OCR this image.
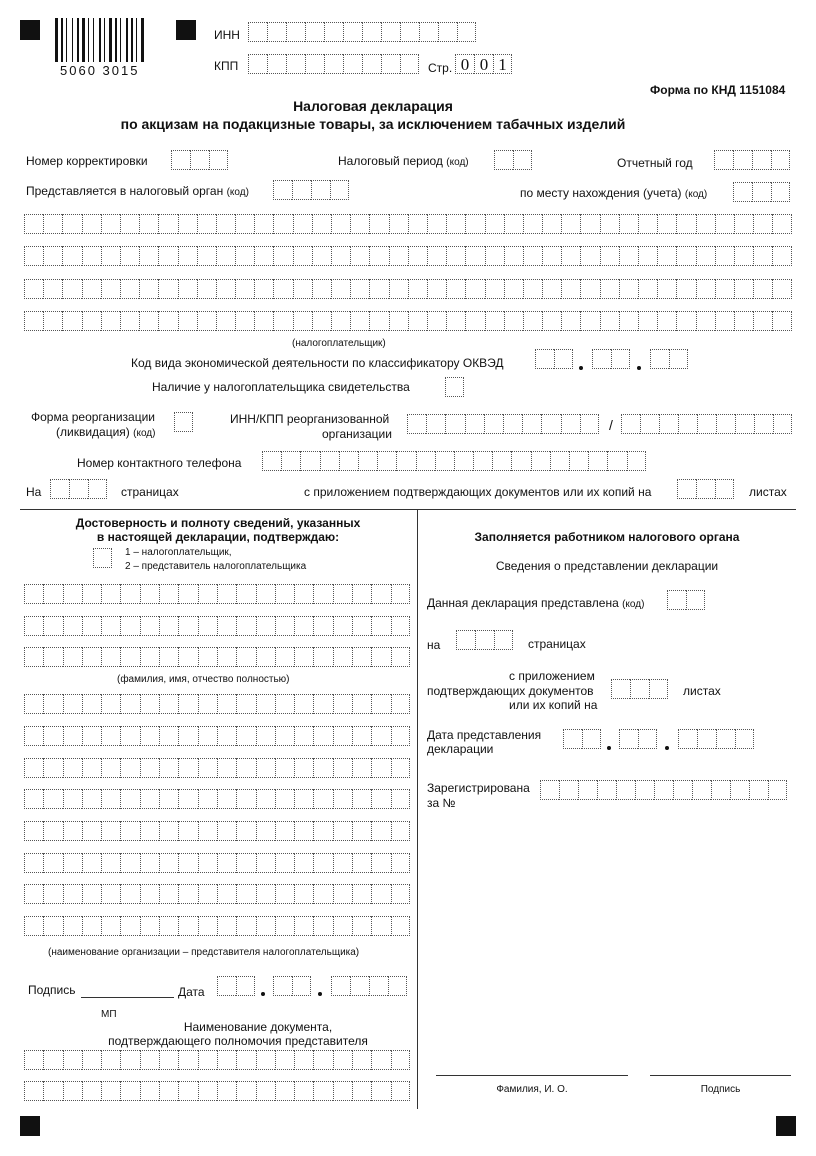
5060 3015
ИНН
КПП	Стр. 0 0 1
Форма по КНД 1151084
Налоговая декларация
по акцизам на подакцизные товары, за исключением табачных изделий
Номер корректировки	Налоговый период (код)	Отчетный год
Представляется в налоговый орган (код)	по месту нахождения (учета) (код)
(налогоплательщик)
Код вида экономической деятельности по классификатору ОКВЭД
Наличие у налогоплательщика свидетельства
Форма реорганизации
(ликвидация) (код)
ИНН/КПП реорганизованной
организации
/
Номер контактного телефона
На	страницах	с приложением подтверждающих документов или их копий на	листах
Достоверность и полноту сведений, указанных
в настоящей декларации, подтверждаю:
1 – налогоплательщик,
2 – представитель налогоплательщика
(фамилия, имя, отчество полностью)
(наименование организации – представителя налогоплательщика)
Подпись	Дата
МП
Наименование документа,
подтверждающего полномочия представителя
Заполняется работником налогового органа
Сведения о представлении декларации
Данная декларация представлена (код)
на	страницах
с приложением
подтверждающих документов
или их копий на
листах
Дата представления
декларации
Зарегистрирована
за №
Фамилия, И. О.	Подпись
